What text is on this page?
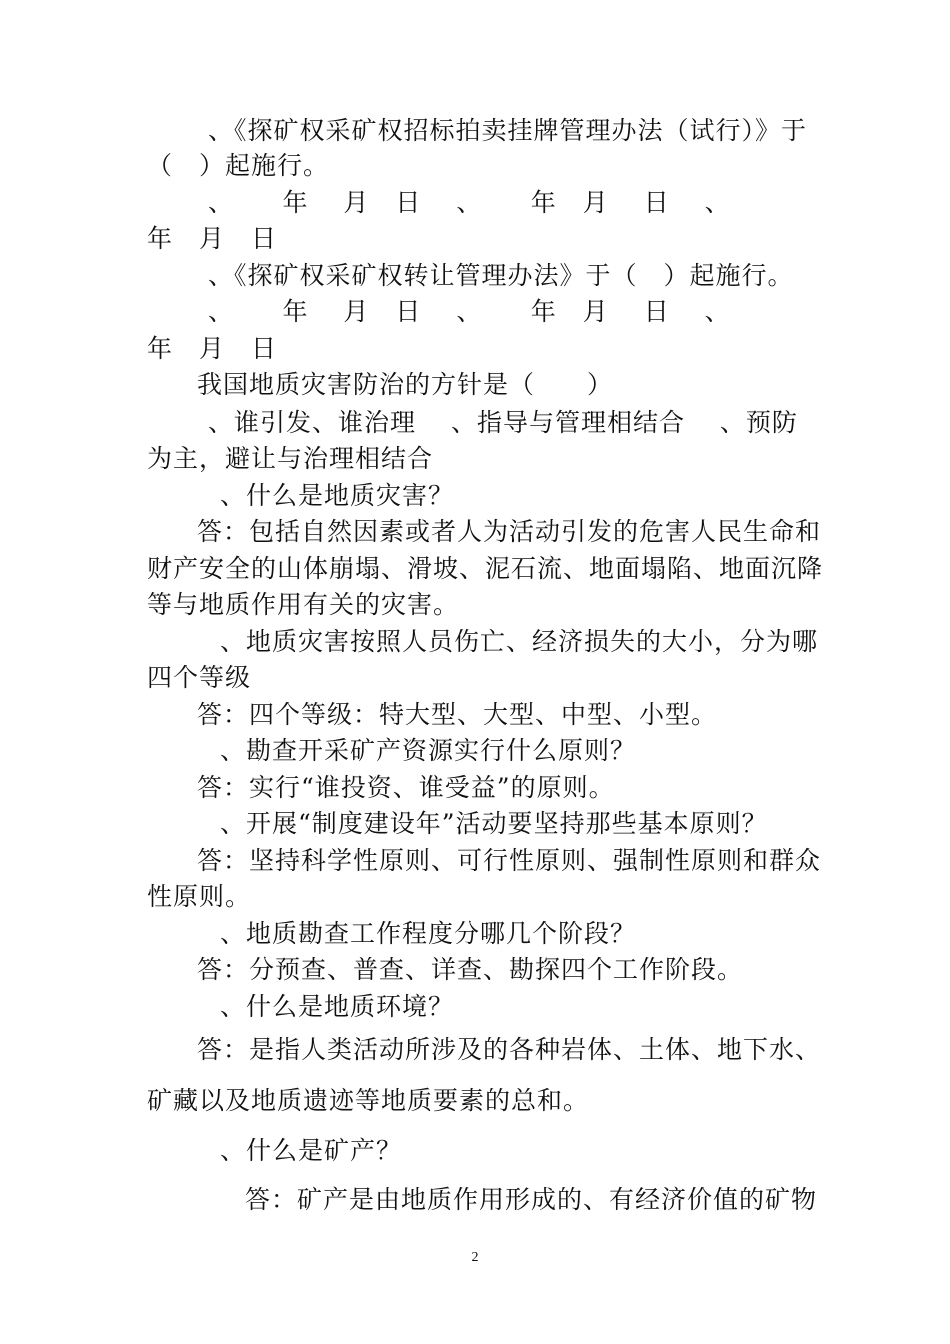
、《探矿权采矿权招标拍卖挂牌管理办法（试行）》于

（　）起施行。

、　　 年　 月　日　 、　　 年　月　 日　 、

年　月　日

、《探矿权采矿权转让管理办法》于（　）起施行。

、　　 年　 月　日　 、　　 年　月　 日　 、

年　月　日

我国地质灾害防治的方针是（　　）

、谁引发、谁治理　 、指导与管理相结合　 、预防

为主，避让与治理相结合

、什么是地质灾害？

答：包括自然因素或者人为活动引发的危害人民生命和

财产安全的山体崩塌、滑坡、泥石流、地面塌陷、地面沉降

等与地质作用有关的灾害。

、地质灾害按照人员伤亡、经济损失的大小，分为哪

四个等级

答：四个等级：特大型、大型、中型、小型。

、勘查开采矿产资源实行什么原则？

答：实行“谁投资、谁受益”的原则。

、开展“制度建设年”活动要坚持那些基本原则？

答：坚持科学性原则、可行性原则、强制性原则和群众

性原则。

、地质勘查工作程度分哪几个阶段？

答：分预查、普查、详查、勘探四个工作阶段。

、什么是地质环境？

答：是指人类活动所涉及的各种岩体、土体、地下水、

矿藏以及地质遗迹等地质要素的总和。

、什么是矿产？

答：矿产是由地质作用形成的、有经济价值的矿物

2
